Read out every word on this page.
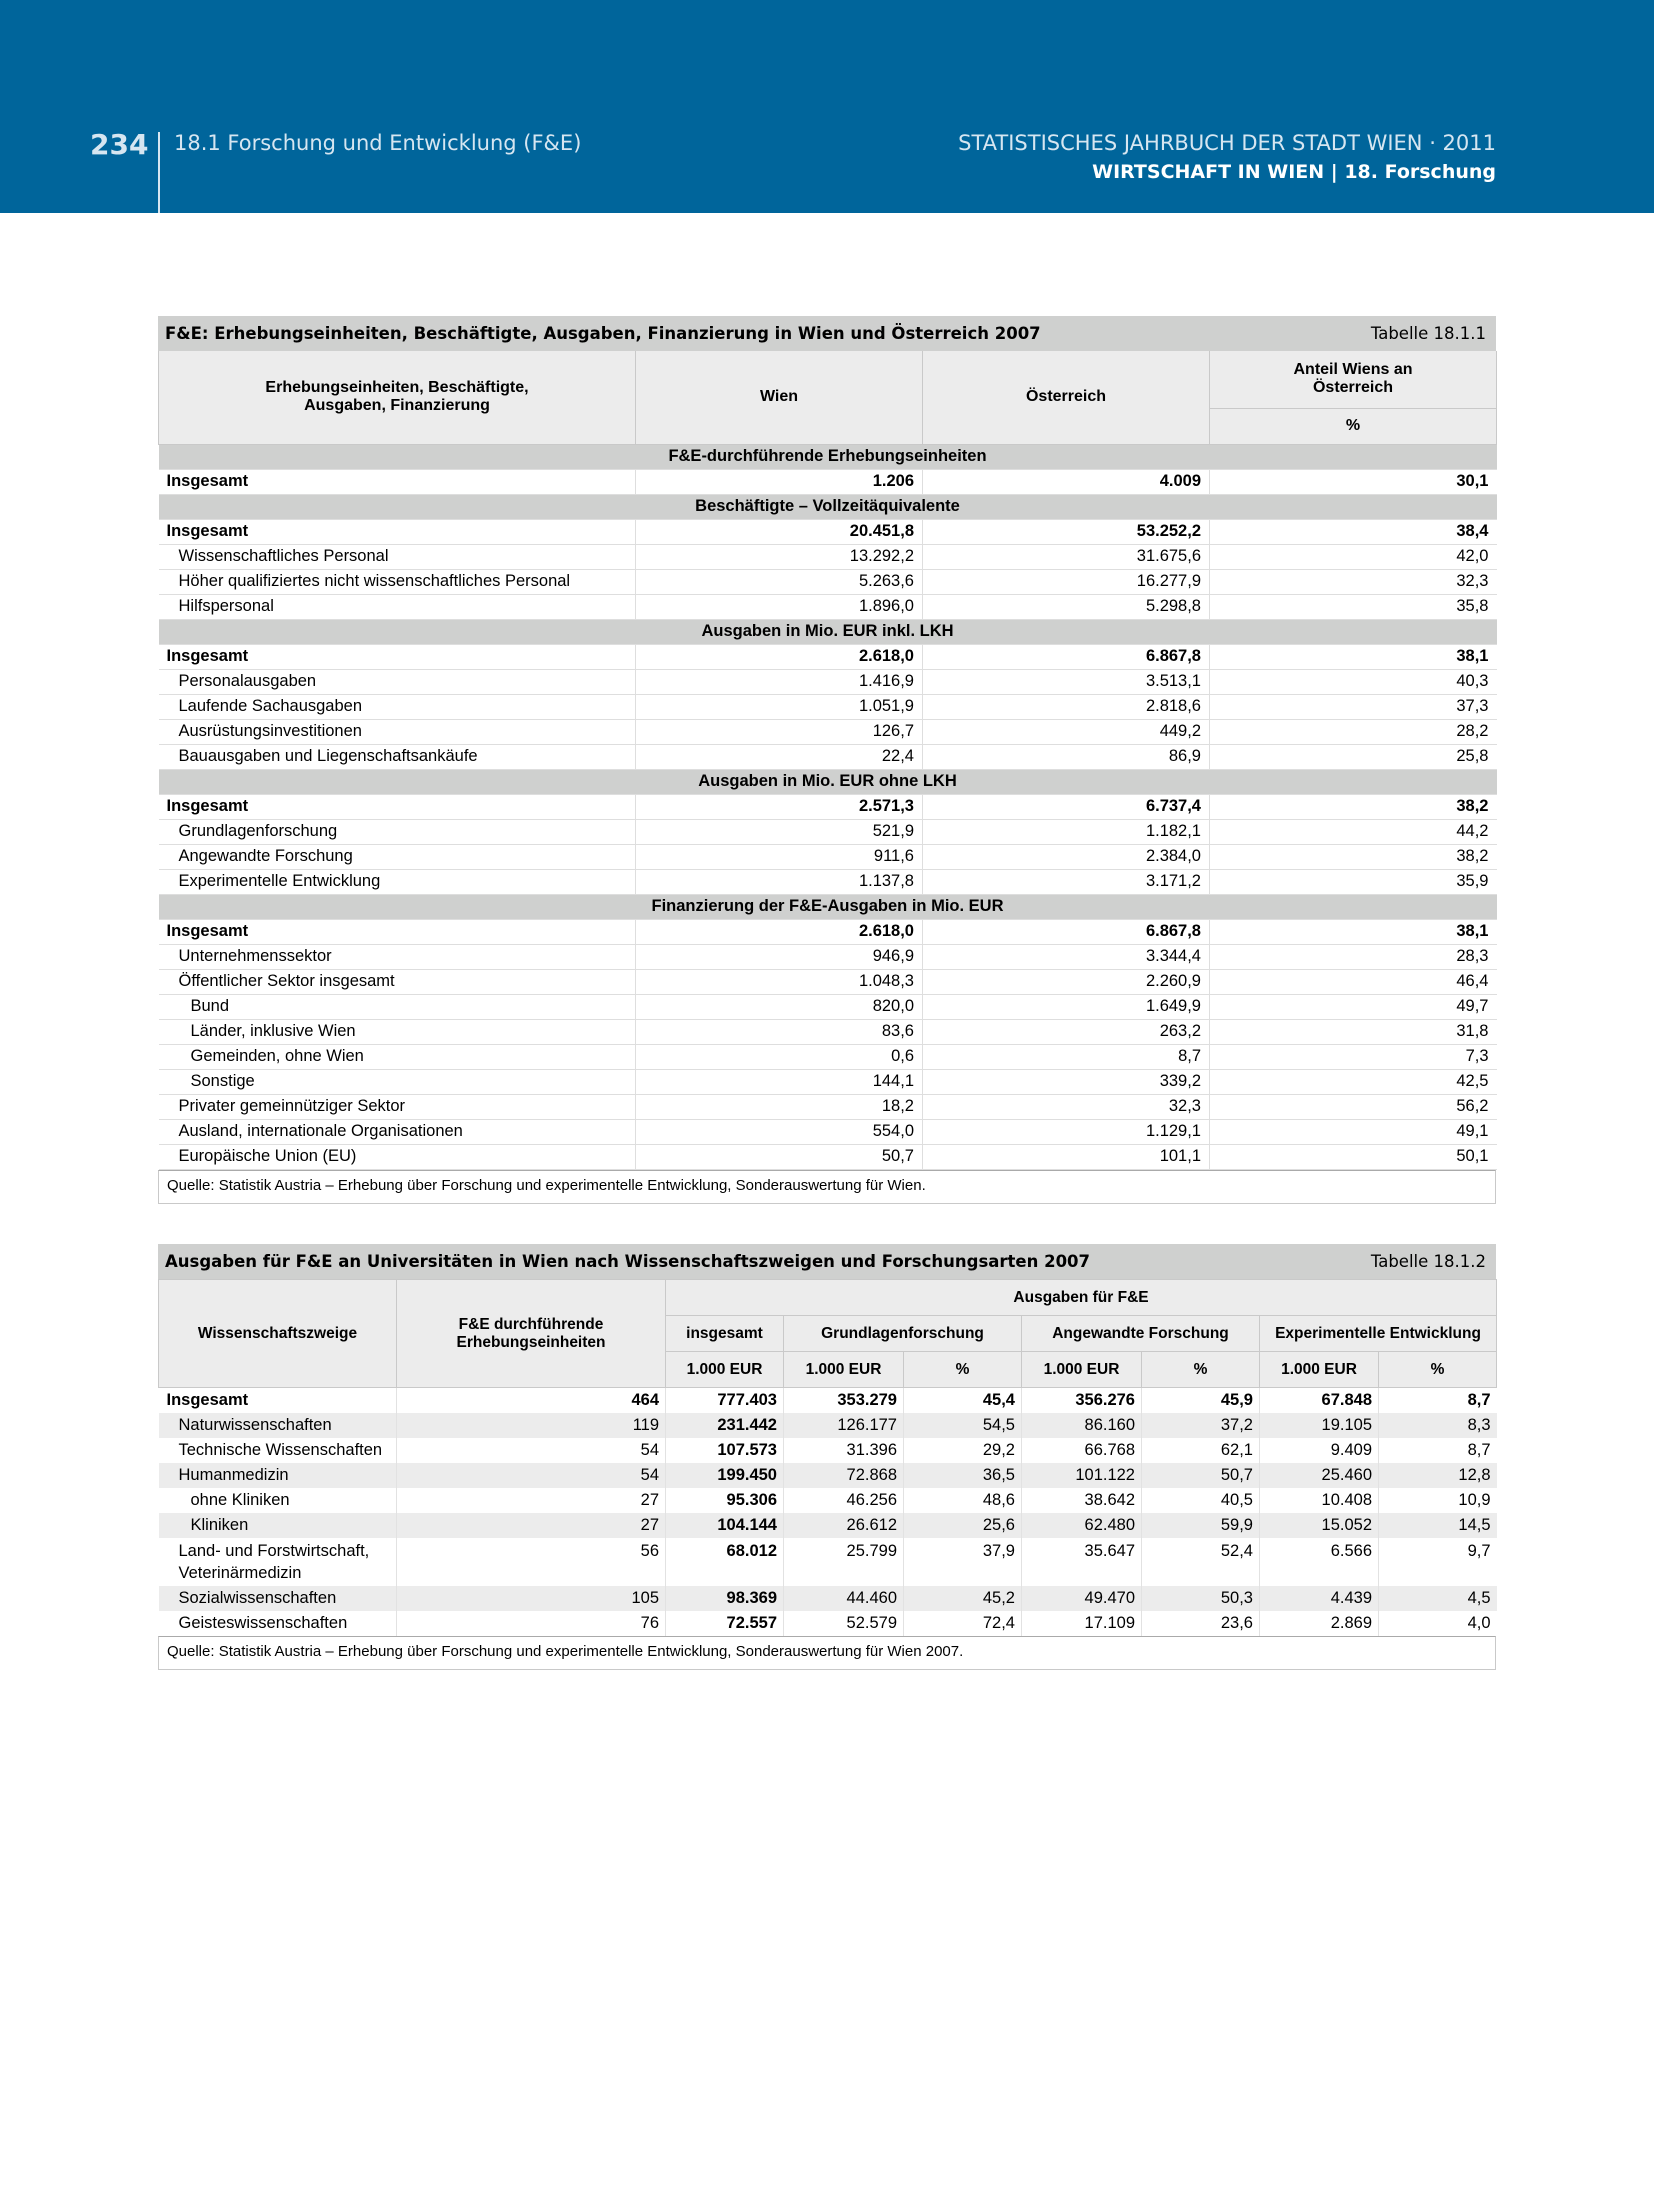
234 18.1 Forschung und Entwicklung (F&E)	STATISTISCHES JAHRBUCH DER STADT WIEN · 2011
WIRTSCHAFT IN WIEN | 18. Forschung
F&E: Erhebungseinheiten, Beschäftigte, Ausgaben, Finanzierung in Wien und Österreich 2007	Tabelle 18.1.1
Erhebungseinheiten, Beschäftigte, Ausgaben, Finanzierung	Wien	Österreich	Anteil Wiens an Österreich
			%
F&E-durchführende Erhebungseinheiten			
Insgesamt	1.206	4.009	30,1
Beschäftigte – Vollzeitäquivalente			
Insgesamt	20.451,8	53.252,2	38,4
Wissenschaftliches Personal	13.292,2	31.675,6	42,0
Höher qualifiziertes nicht wissenschaftliches Personal	5.263,6	16.277,9	32,3
Hilfspersonal	1.896,0	5.298,8	35,8
Ausgaben in Mio. EUR inkl. LKH			
Insgesamt	2.618,0	6.867,8	38,1
Personalausgaben	1.416,9	3.513,1	40,3
Laufende Sachausgaben	1.051,9	2.818,6	37,3
Ausrüstungsinvestitionen	126,7	449,2	28,2
Bauausgaben und Liegenschaftsankäufe	22,4	86,9	25,8
Ausgaben in Mio. EUR ohne LKH			
Insgesamt	2.571,3	6.737,4	38,2
Grundlagenforschung	521,9	1.182,1	44,2
Angewandte Forschung	911,6	2.384,0	38,2
Experimentelle Entwicklung	1.137,8	3.171,2	35,9
Finanzierung der F&E-Ausgaben in Mio. EUR			
Insgesamt	2.618,0	6.867,8	38,1
Unternehmenssektor	946,9	3.344,4	28,3
Öffentlicher Sektor insgesamt	1.048,3	2.260,9	46,4
Bund	820,0	1.649,9	49,7
Länder, inklusive Wien	83,6	263,2	31,8
Gemeinden, ohne Wien	0,6	8,7	7,3
Sonstige	144,1	339,2	42,5
Privater gemeinnütziger Sektor	18,2	32,3	56,2
Ausland, internationale Organisationen	554,0	1.129,1	49,1
Europäische Union (EU)	50,7	101,1	50,1
Quelle: Statistik Austria – Erhebung über Forschung und experimentelle Entwicklung, Sonderauswertung für Wien.
Ausgaben für F&E an Universitäten in Wien nach Wissenschaftszweigen und Forschungsarten 2007	Tabelle 18.1.2
Wissenschaftszweige	F&E durchführende Erhebungseinheiten	Ausgaben für F&E						
		insgesamt	Grundlagenforschung		Angewandte Forschung		Experimentelle Entwicklung	
		1.000 EUR	1.000 EUR	%	1.000 EUR	%	1.000 EUR	%
Insgesamt	464	777.403	353.279	45,4	356.276	45,9	67.848	8,7
Naturwissenschaften	119	231.442	126.177	54,5	86.160	37,2	19.105	8,3
Technische Wissenschaften	54	107.573	31.396	29,2	66.768	62,1	9.409	8,7
Humanmedizin	54	199.450	72.868	36,5	101.122	50,7	25.460	12,8
ohne Kliniken	27	95.306	46.256	48,6	38.642	40,5	10.408	10,9
Kliniken	27	104.144	26.612	25,6	62.480	59,9	15.052	14,5
Land- und Forstwirtschaft, Veterinärmedizin	56	68.012	25.799	37,9	35.647	52,4	6.566	9,7
Sozialwissenschaften	105	98.369	44.460	45,2	49.470	50,3	4.439	4,5
Geisteswissenschaften	76	72.557	52.579	72,4	17.109	23,6	2.869	4,0
Quelle: Statistik Austria – Erhebung über Forschung und experimentelle Entwicklung, Sonderauswertung für Wien 2007.
